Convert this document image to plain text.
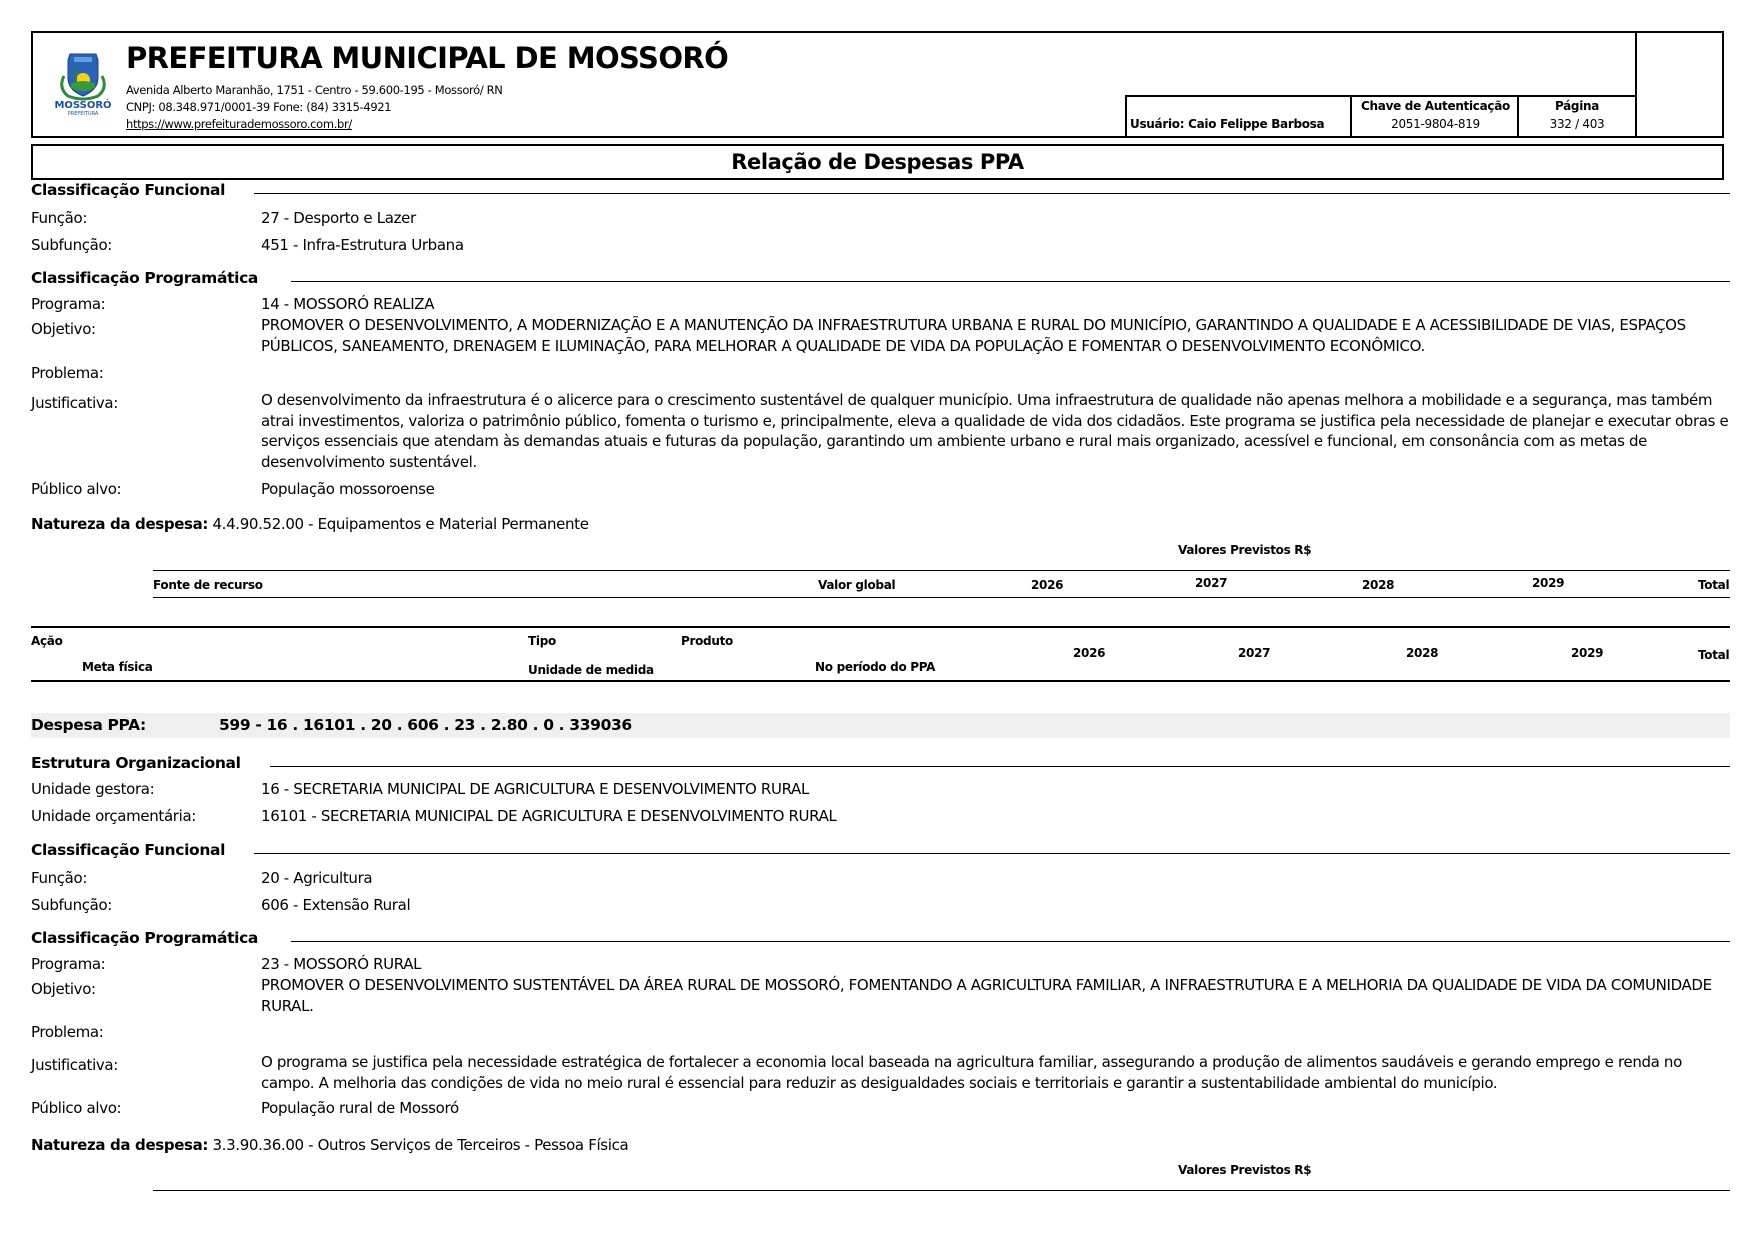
MOSSORÓ
PREFEITURA
PREFEITURA MUNICIPAL DE MOSSORÓ
Avenida Alberto Maranhão, 1751 - Centro - 59.600-195 - Mossoró/ RN
CNPJ: 08.348.971/0001-39 Fone: (84) 3315-4921
https://www.prefeiturademossoro.com.br/	Usuário: Caio Felippe Barbosa
Chave de Autenticação
2051-9804-819
Página
332 / 403
Relação de Despesas PPA
Classificação Funcional
Função:	27 - Desporto e Lazer
Subfunção:	451 - Infra-Estrutura Urbana
Classificação Programática
Programa:	14 - MOSSORÓ REALIZA
Objetivo:	PROMOVER O DESENVOLVIMENTO, A MODERNIZAÇÃO E A MANUTENÇÃO DA INFRAESTRUTURA URBANA E RURAL DO MUNICÍPIO, GARANTINDO A QUALIDADE E A ACESSIBILIDADE DE VIAS, ESPAÇOS PÚBLICOS, SANEAMENTO, DRENAGEM E ILUMINAÇÃO, PARA MELHORAR A QUALIDADE DE VIDA DA POPULAÇÃO E FOMENTAR O DESENVOLVIMENTO ECONÔMICO.
Problema:
Justificativa:	O desenvolvimento da infraestrutura é o alicerce para o crescimento sustentável de qualquer município. Uma infraestrutura de qualidade não apenas melhora a mobilidade e a segurança, mas também atrai investimentos, valoriza o patrimônio público, fomenta o turismo e, principalmente, eleva a qualidade de vida dos cidadãos. Este programa se justifica pela necessidade de planejar e executar obras e serviços essenciais que atendam às demandas atuais e futuras da população, garantindo um ambiente urbano e rural mais organizado, acessível e funcional, em consonância com as metas de desenvolvimento sustentável.
Público alvo:	População mossoroense
Natureza da despesa: 4.4.90.52.00 - Equipamentos e Material Permanente
Valores Previstos R$
Fonte de recurso	Valor global	2026	2027	2028	2029	Total
Ação	Tipo	Produto
Meta física	Unidade de medida	No período do PPA
2026	2027	2028	2029	Total
Despesa PPA:	599 - 16 . 16101 . 20 . 606 . 23 . 2.80 . 0 . 339036
Estrutura Organizacional
Unidade gestora:	16 - SECRETARIA MUNICIPAL DE AGRICULTURA E DESENVOLVIMENTO RURAL
Unidade orçamentária:	16101 - SECRETARIA MUNICIPAL DE AGRICULTURA E DESENVOLVIMENTO RURAL
Classificação Funcional
Função:	20 - Agricultura
Subfunção:	606 - Extensão Rural
Classificação Programática
Programa:	23 - MOSSORÓ RURAL
Objetivo:	PROMOVER O DESENVOLVIMENTO SUSTENTÁVEL DA ÁREA RURAL DE MOSSORÓ, FOMENTANDO A AGRICULTURA FAMILIAR, A INFRAESTRUTURA E A MELHORIA DA QUALIDADE DE VIDA DA COMUNIDADE RURAL.
Problema:
Justificativa:	O programa se justifica pela necessidade estratégica de fortalecer a economia local baseada na agricultura familiar, assegurando a produção de alimentos saudáveis e gerando emprego e renda no campo. A melhoria das condições de vida no meio rural é essencial para reduzir as desigualdades sociais e territoriais e garantir a sustentabilidade ambiental do município.
Público alvo:	População rural de Mossoró
Natureza da despesa: 3.3.90.36.00 - Outros Serviços de Terceiros - Pessoa Física
Valores Previstos R$
